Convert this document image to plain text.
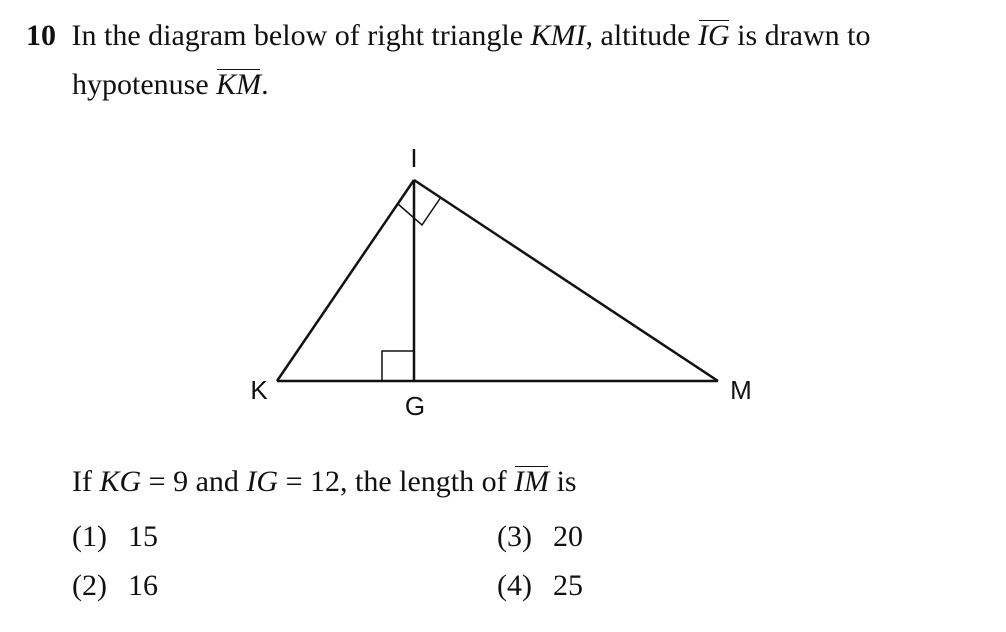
10 In the diagram below of right triangle KMI, altitude IG is drawn to
hypotenuse KM.
I
K
G
M
If KG = 9 and IG = 12, the length of IM is
(1) 15
(2) 16
(3) 20
(4) 25
